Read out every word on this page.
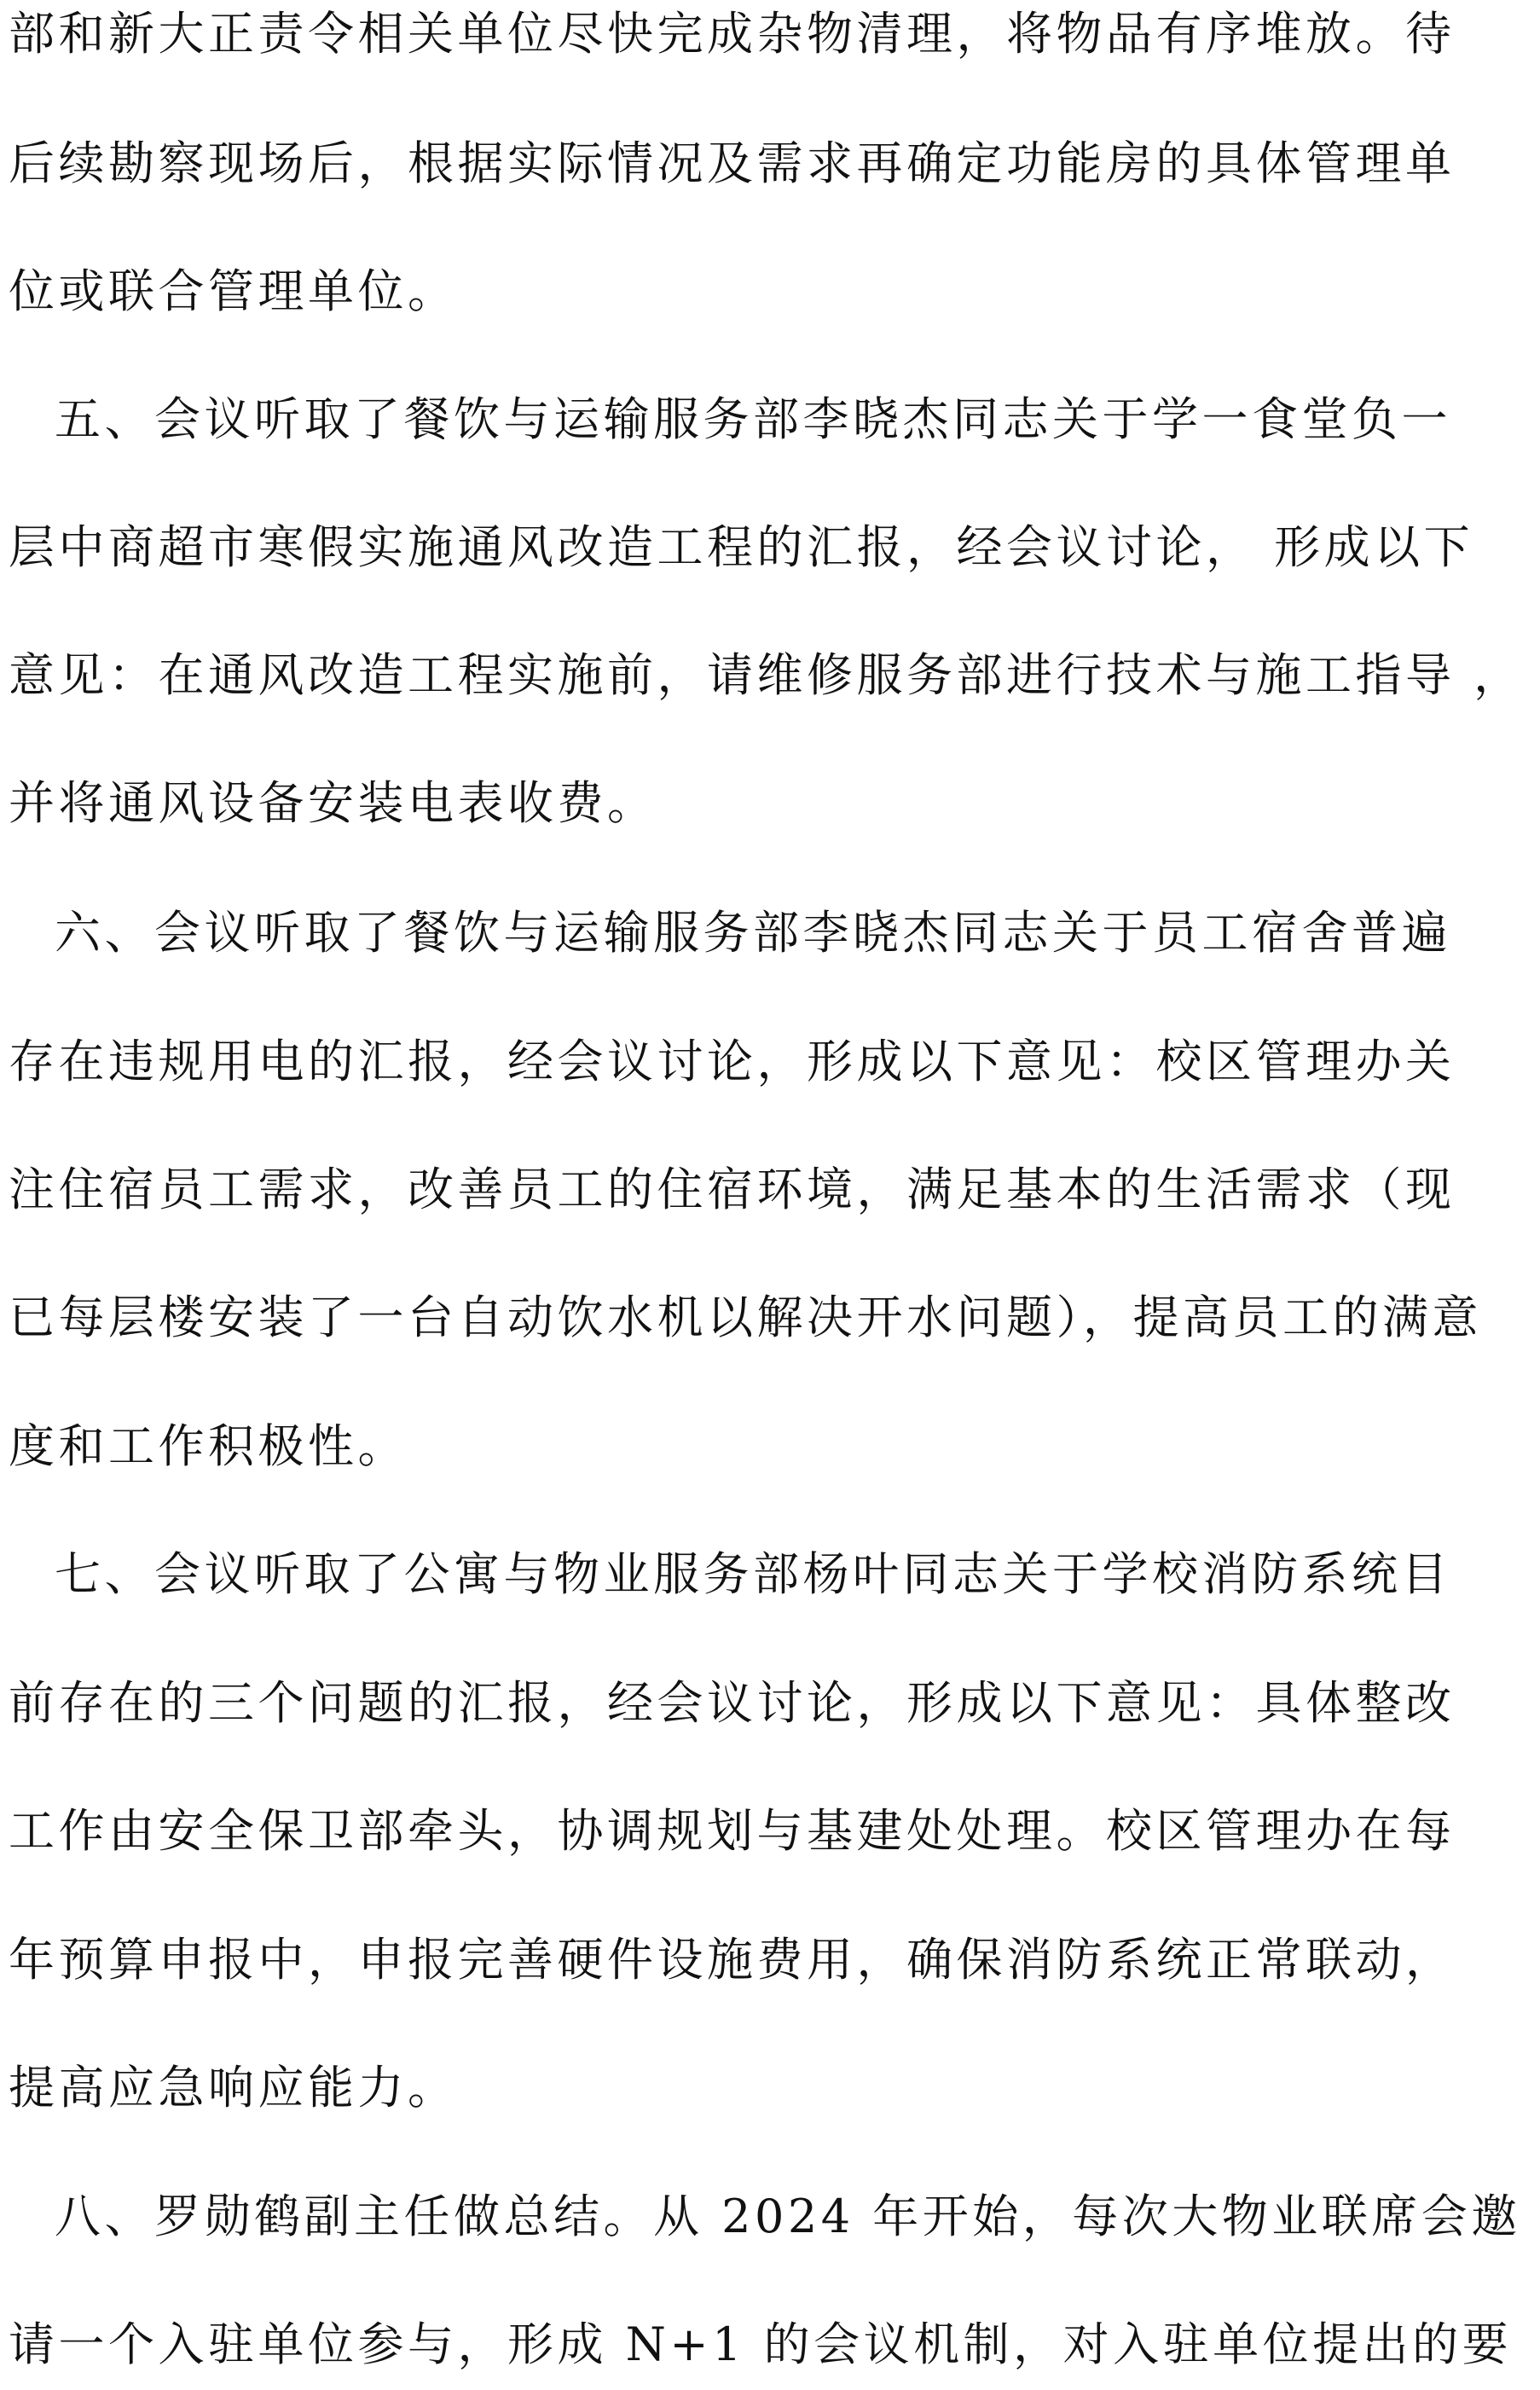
部和新大正责令相关单位尽快完成杂物清理，将物品有序堆放。待
后续勘察现场后，根据实际情况及需求再确定功能房的具体管理单
位或联合管理单位。
五、会议听取了餐饮与运输服务部李晓杰同志关于学一食堂负一
层中商超市寒假实施通风改造工程的汇报，经会议讨论， 形成以下
意见：在通风改造工程实施前，请维修服务部进行技术与施工指导 ，
并将通风设备安装电表收费。
六、会议听取了餐饮与运输服务部李晓杰同志关于员工宿舍普遍
存在违规用电的汇报，经会议讨论，形成以下意见：校区管理办关
注住宿员工需求，改善员工的住宿环境，满足基本的生活需求（现
已每层楼安装了一台自动饮水机以解决开水问题），提高员工的满意
度和工作积极性。
七、会议听取了公寓与物业服务部杨叶同志关于学校消防系统目
前存在的三个问题的汇报，经会议讨论，形成以下意见：具体整改
工作由安全保卫部牵头，协调规划与基建处处理。校区管理办在每
年预算申报中，申报完善硬件设施费用，确保消防系统正常联动，
提高应急响应能力。
八、罗勋鹤副主任做总结。从 2024 年开始，每次大物业联席会邀
请一个入驻单位参与，形成 N+1 的会议机制，对入驻单位提出的要
